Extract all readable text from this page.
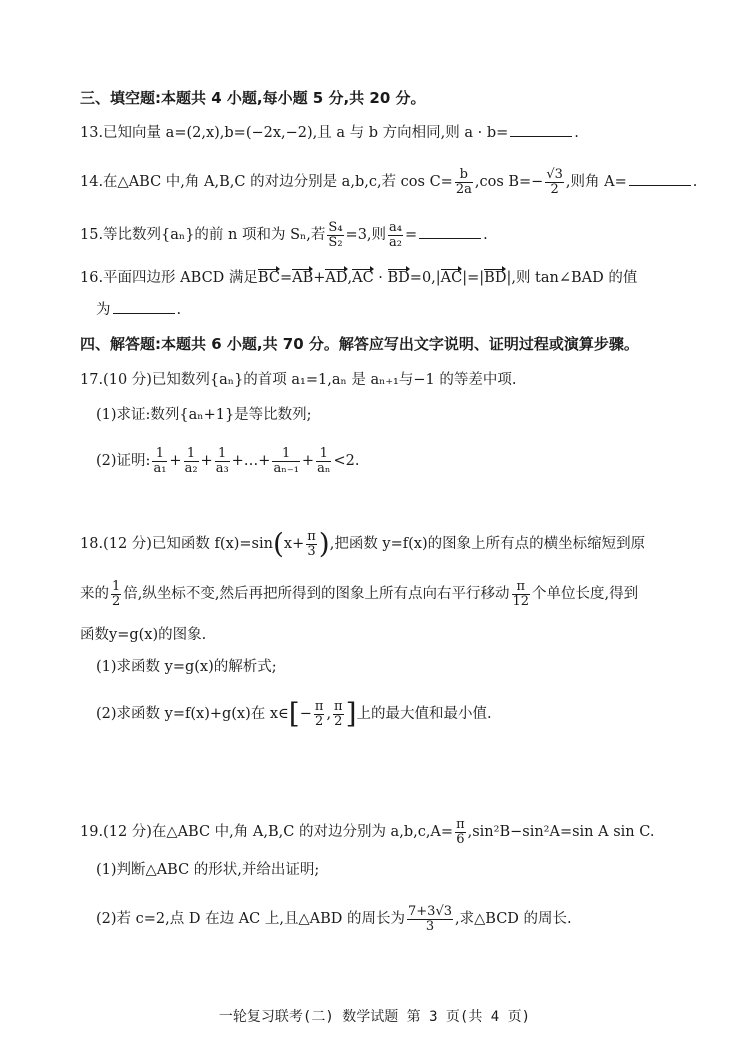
三、填空题:本题共 4 小题,每小题 5 分,共 20 分。
13.已知向量 a=(2,x),b=(−2x,−2),且 a 与 b 方向相同,则 a · b=	.
14.在△ABC 中,角 A,B,C 的对边分别是 a,b,c,若 $\cos C= \frac{b}{2a} ,\cos$ $B=- \frac{√3}{2}$ ,则角 A=	.
15.等比数列{aₙ}的前 n 项和为 Sₙ,若 $\frac{\text{S₄}}{\text{S₂}} =3$,则 $\frac{\text{a₄}}{\text{a₂}}$ =	.
16.平面四边形 ABCD 满足BC=AB+AD,AC · BD=0,|AC|=|BD|,则 tan∠BAD 的值
为	.
四、解答题:本题共 6 小题,共 70 分。解答应写出文字说明、证明过程或演算步骤。
17.(10 分)已知数列{aₙ}的首项 a₁=1,aₙ 是 aₙ₊₁与−1 的等差中项.
(1)求证:数列{aₙ+1}是等比数列;
(2)证明: $\frac{1}{\text{a₁}} + \frac{1}{\text{a₂}} + \frac{1}{\text{a₃}}$ +…+ $\frac{1}{\text{aₙ₋₁}} + \frac{1}{\text{aₙ}} <2$.
18.(12 分)已知函数 $f(x)=\sin(x+ \frac{\pi}{3}$ ),把函数 y=f(x)的图象上所有点的横坐标缩短到原
来的 $\frac{1}{2}$ 倍,纵坐标不变,然后再把所得到的图象上所有点向右平行移动 $\frac{\pi}{12}$ 个单位长度,得到
函数y=g(x)的图象.
(1)求函数 y=g(x)的解析式;
(2)求函数 y=f(x)+g(x)在 x∈[− $\frac{\pi}{2}$ , $\frac{\pi}{2}$ ]上的最大值和最小值.
19.(12 分)在△ABC 中,角 A,B,C 的对边分别为 $a,b,c,A= \frac{\pi}{6} ,\sin^2B-\sin^2A=\sin$ A sin C.
(1)判断△ABC 的形状,并给出证明;
(2)若 c=2,点 D 在边 AC 上,且△ABD 的周长为 $\frac{7+3√3}{3}$ ,求△BCD 的周长.
一轮复习联考(二) 数学试题 第 3 页(共 4 页)
